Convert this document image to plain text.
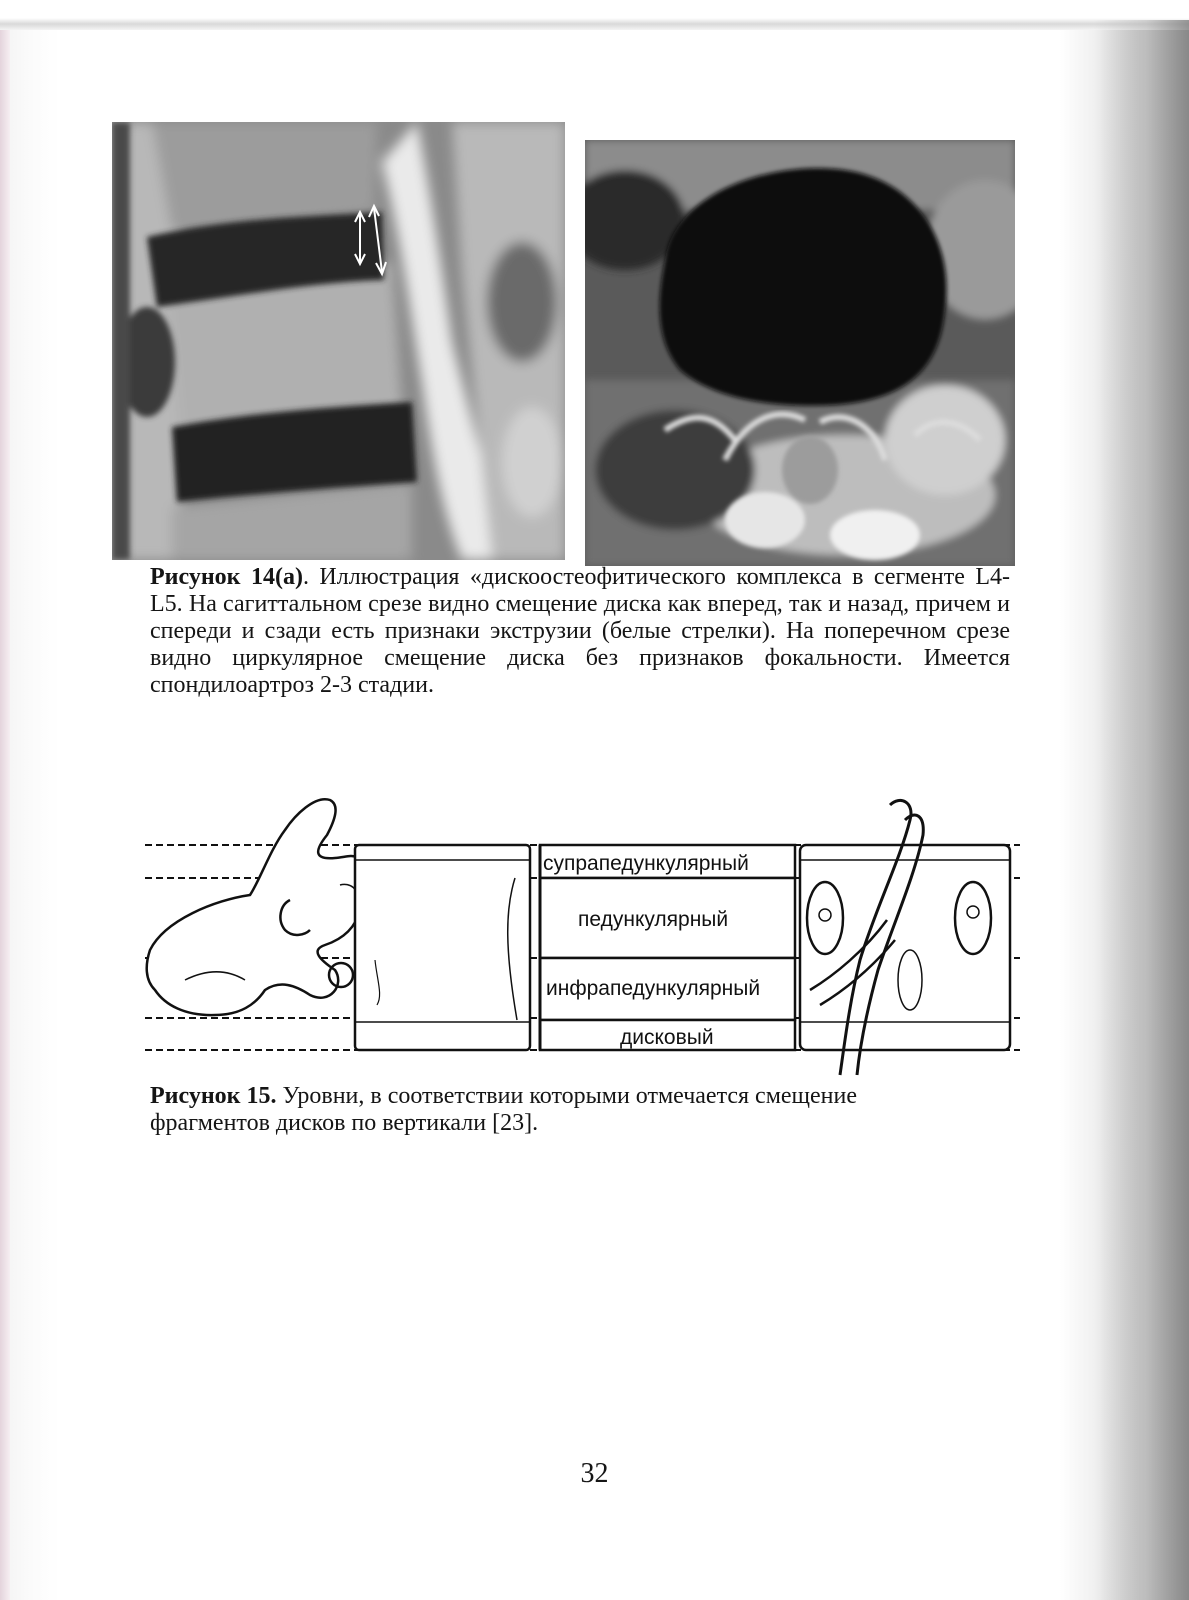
Рисунок 14(а). Иллюстрация «дискоостеофитического комплекса в сегменте L4-L5. На сагиттальном срезе видно смещение диска как вперед, так и назад, причем и спереди и сзади есть признаки экструзии (белые стрелки). На поперечном срезе видно циркулярное смещение диска без признаков фокальности. Имеется спондилоартроз 2-3 стадии.
супрапедункулярный
педункулярный
инфрапедункулярный
дисковый
Рисунок 15. Уровни, в соответствии которыми отмечается смещение фрагментов дисков по вертикали [23].
32
